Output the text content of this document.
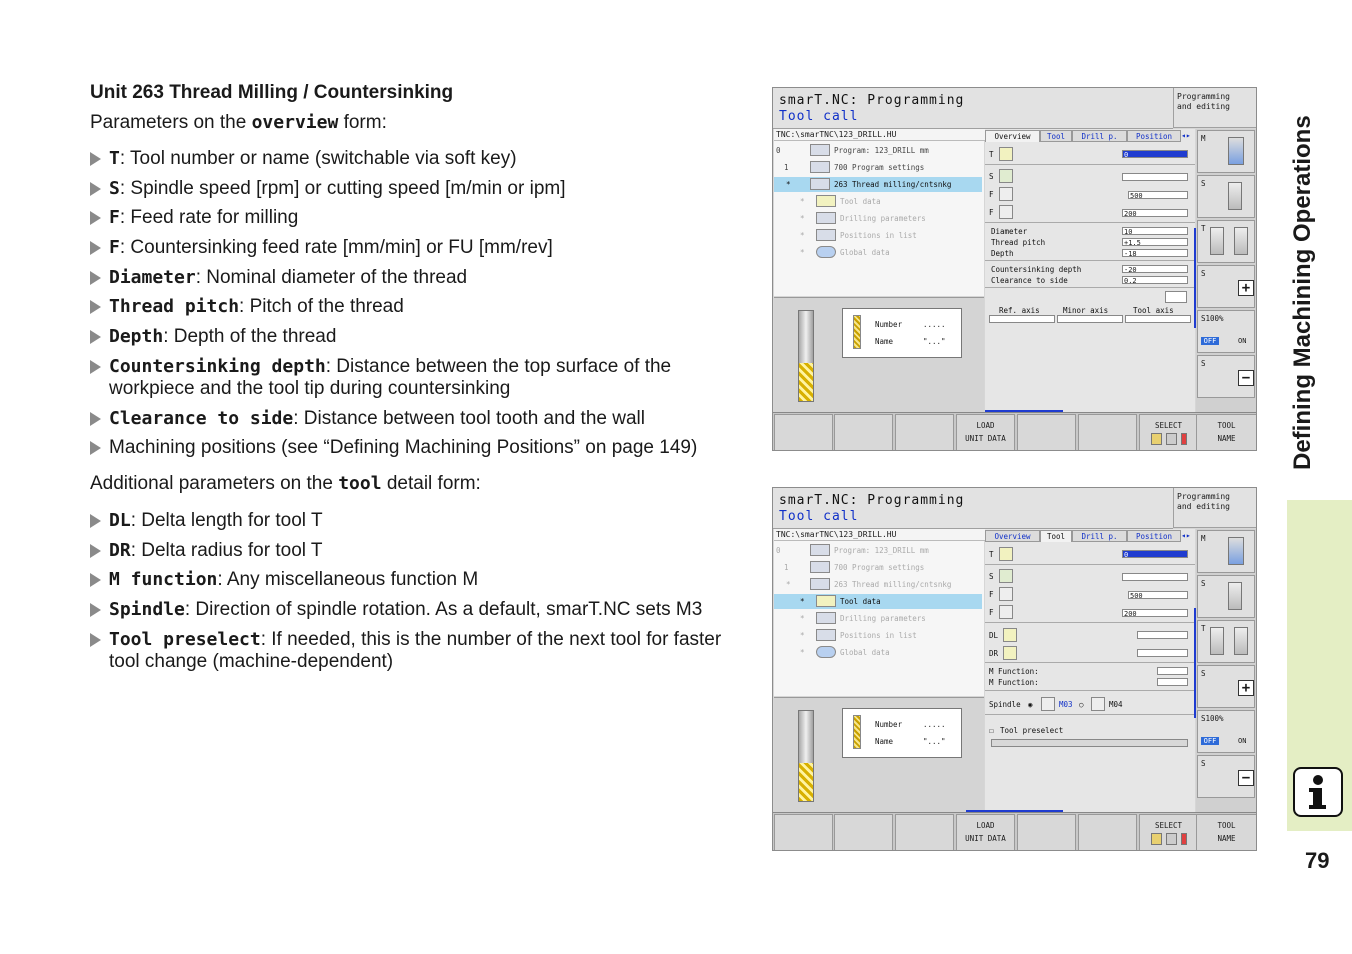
Unit 263 Thread Milling / Countersinking
Parameters on the overview form:
T: Tool number or name (switchable via soft key)
S: Spindle speed [rpm] or cutting speed [m/min or ipm]
F: Feed rate for milling
F: Countersinking feed rate [mm/min] or FU [mm/rev]
Diameter: Nominal diameter of the thread
Thread pitch: Pitch of the thread
Depth: Depth of the thread
Countersinking depth: Distance between the top surface of the workpiece and the tool tip during countersinking
Clearance to side: Distance between tool tooth and the wall
Machining positions (see “Defining Machining Positions” on page 149)
Additional parameters on the tool detail form:
DL: Delta length for tool T
DR: Delta radius for tool T
M function: Any miscellaneous function M
Spindle: Direction of spindle rotation. As a default, smarT.NC sets M3
Tool preselect: If needed, this is the number of the next tool for faster tool change (machine-dependent)
Defining Machining Operations
79
smarT.NC: Programming
Tool call
Programming
and editing
TNC:\smarTNC\123_DRILL.HU
0	Program: 123_DRILL mm
1	700 Program settings
*	263 Thread milling/cntsnkg
*	Tool data
*	Drilling parameters
*	Positions in list
*	Global data
Number	.....
Name	"..."
Overview	Tool	Drill p.	Position	◂▸
T	0
S
F	500
F	200
Diameter	10
Thread pitch	+1.5
Depth	-18
Countersinking depth	-20
Clearance to side	0.2
Ref. axis	Minor axis	Tool axis
M
S
T
S
+
S100%
OFF	ON
S
−
LOAD
UNIT DATA
SELECT	TOOL
NAME
smarT.NC: Programming
Tool call
Programming
and editing
TNC:\smarTNC\123_DRILL.HU
0	Program: 123_DRILL mm
1	700 Program settings
*	263 Thread milling/cntsnkg
*	Tool data
*	Drilling parameters
*	Positions in list
*	Global data
Number	.....
Name	"..."
Overview	Tool	Drill p.	Position	◂▸
T	0
S
F	500
F	200
DL
DR
M Function:
M Function:
Spindle ◉	M03 ○	M04
☐ Tool preselect
M
S
T
S
+
S100%
OFF	ON
S
−
LOAD
UNIT DATA
SELECT	TOOL
NAME
